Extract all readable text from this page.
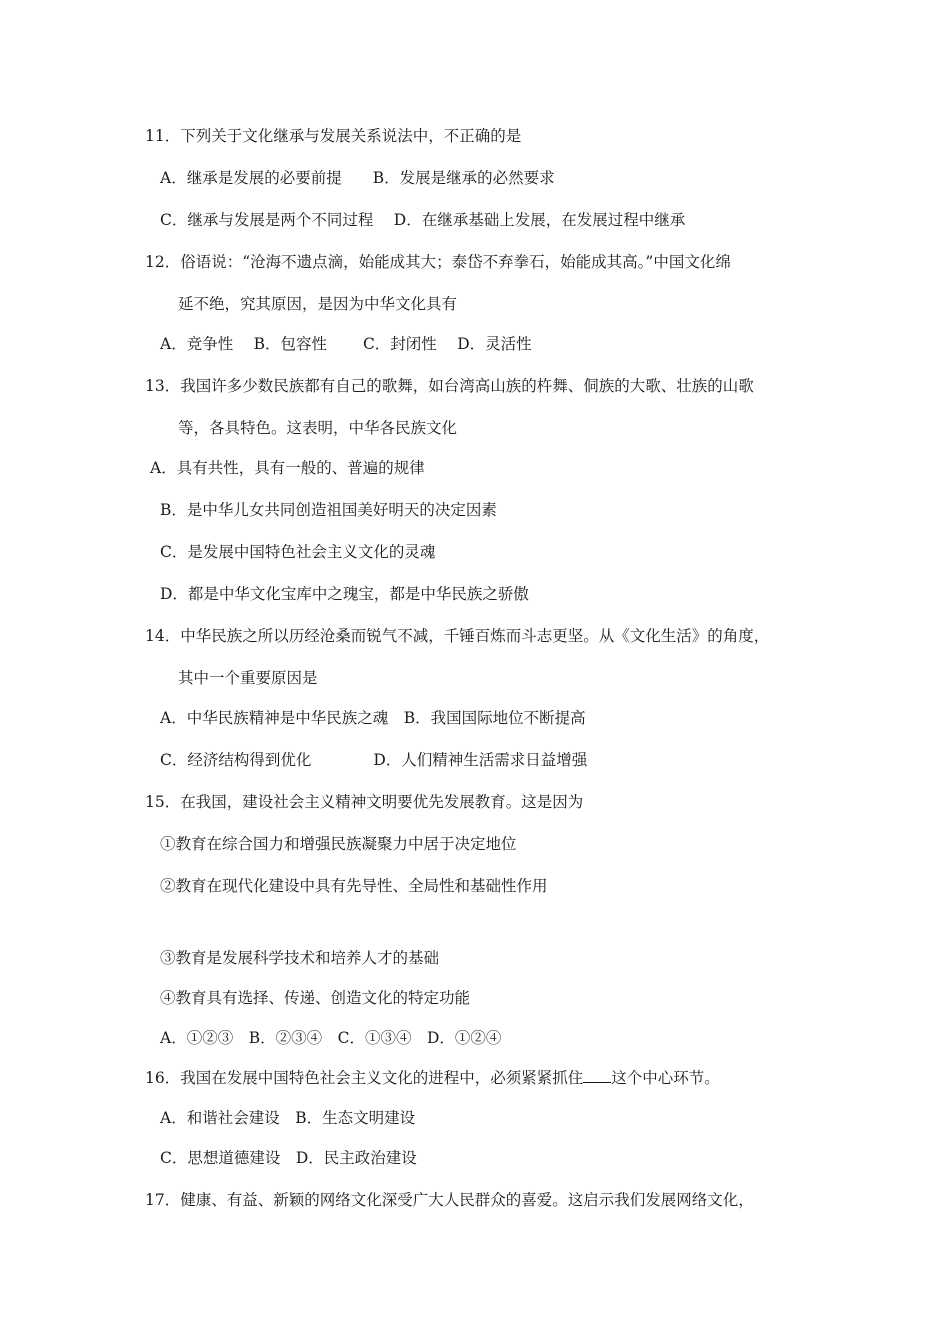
11．下列关于文化继承与发展关系说法中，不正确的是
A．继承是发展的必要前提　　B．发展是继承的必然要求
C．继承与发展是两个不同过程　 D．在继承基础上发展，在发展过程中继承
12．俗语说：“沧海不遗点滴，始能成其大；泰岱不弃拳石，始能成其高。”中国文化绵
延不绝，究其原因，是因为中华文化具有
A．竞争性　 B．包容性　　 C．封闭性　 D．灵活性
13．我国许多少数民族都有自己的歌舞，如台湾高山族的杵舞、侗族的大歌、壮族的山歌
等，各具特色。这表明，中华各民族文化
A．具有共性，具有一般的、普遍的规律
B．是中华儿女共同创造祖国美好明天的决定因素
C．是发展中国特色社会主义文化的灵魂
D．都是中华文化宝库中之瑰宝，都是中华民族之骄傲
14．中华民族之所以历经沧桑而锐气不减，千锤百炼而斗志更坚。从《文化生活》的角度，
其中一个重要原因是
A．中华民族精神是中华民族之魂　B．我国国际地位不断提高
C．经济结构得到优化　　　　D．人们精神生活需求日益增强
15．在我国，建设社会主义精神文明要优先发展教育。这是因为
①教育在综合国力和增强民族凝聚力中居于决定地位
②教育在现代化建设中具有先导性、全局性和基础性作用
③教育是发展科学技术和培养人才的基础
④教育具有选择、传递、创造文化的特定功能
A．①②③　B．②③④　C．①③④　D．①②④
16．我国在发展中国特色社会主义文化的进程中，必须紧紧抓住 这个中心环节。
A．和谐社会建设　B．生态文明建设
C．思想道德建设　D．民主政治建设
17．健康、有益、新颖的网络文化深受广大人民群众的喜爱。这启示我们发展网络文化，
